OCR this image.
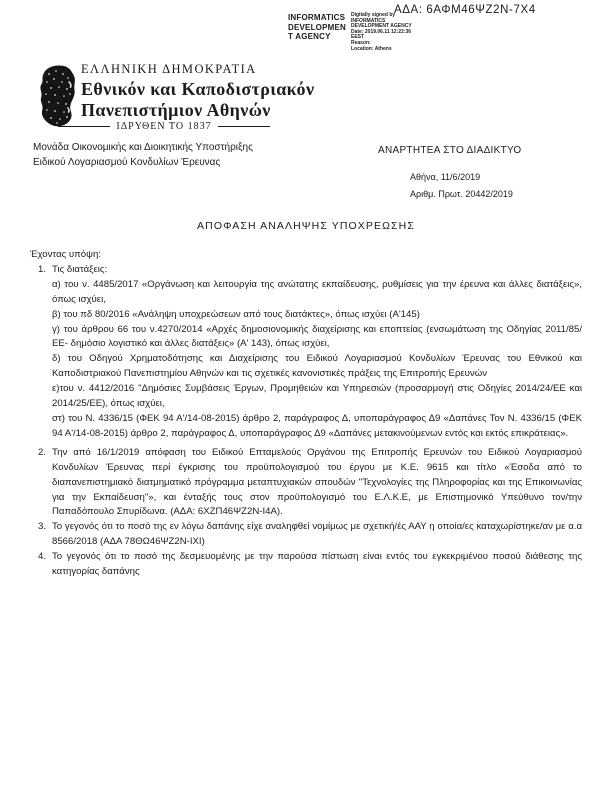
ΑΔΑ: 6ΑΦΜ46ΨΖ2Ν-7Χ4
INFORMATICS
DEVELOPMEN
T AGENCY
Digitally signed by
INFORMATICS
DEVELOPMENT AGENCY
Date: 2019.06.11 12:22:36
EEST
Reason:
Location: Athens
ΕΛΛΗΝΙΚΗ ΔΗΜΟΚΡΑΤΙΑ
Εθνικόν και Καποδιστριακόν
Πανεπιστήμιον Αθηνών
ΙΔΡΥΘΕΝ ΤΟ 1837
Μονάδα Οικονομικής και Διοικητικής Υποστήριξης
Ειδικού Λογαριασμού Κονδυλίων Έρευνας
ΑΝΑΡΤΗΤΕΑ ΣΤΟ ΔΙΑΔΙΚΤΥΟ
Αθήνα, 11/6/2019
Αριθμ. Πρωτ. 20442/2019
ΑΠΟΦΑΣΗ ΑΝΑΛΗΨΗΣ ΥΠΟΧΡΕΩΣΗΣ

Έχοντας υπόψη:

1. Τις διατάξεις:

α) του ν. 4485/2017 «Οργάνωση και λειτουργία της ανώτατης εκπαίδευσης, ρυθμίσεις για την έρευνα και άλλες διατάξεις», όπως ισχύει,

β) του πδ 80/2016 «Ανάληψη υποχρεώσεων από τους διατάκτες», όπως ισχύει (Α'145)

γ) του άρθρου 66 του ν.4270/2014 «Αρχές δημοσιονομικής διαχείρισης και εποπτείας (ενσωμάτωση της Οδηγίας 2011/85/ΕΕ- δημόσιο λογιστικό και άλλες διατάξεις» (Α' 143), όπως ισχύει,

δ) του Οδηγού Χρηματοδότησης και Διαχείρισης του Ειδικού Λογαριασμού Κονδυλίων Έρευνας του Εθνικού και Καποδιστριακού Πανεπιστημίου Αθηνών και τις σχετικές κανονιστικές πράξεις της Επιτροπής Ερευνών

ε)του ν. 4412/2016 "Δημόσιες Συμβάσεις Έργων, Προμηθειών και Υπηρεσιών (προσαρμογή στις Οδηγίες 2014/24/ΕΕ και 2014/25/ΕΕ), όπως ισχύει,

στ) του Ν. 4336/15 (ΦΕΚ 94 Α'/14-08-2015) άρθρο 2, παράγραφος Δ, υποπαράγραφος Δ9 «Δαπάνες Τον Ν. 4336/15 (ΦΕΚ 94 Α'/14-08-2015) άρθρο 2, παράγραφος Δ, υποπαράγραφος Δ9 «Δαπάνες μετακινούμενων εντός και εκτός επικράτειας».

2. Την από 16/1/2019 απόφαση του Ειδικού Επταμελούς Οργάνου της Επιτροπής Ερευνών του Ειδικού Λογαριασμού Κονδυλίων Έρευνας περί έγκρισης του προϋπολογισμού του έργου με Κ.Ε. 9615 και τίτλο «Έσοδα από το διαπανεπιστημιακό διατμηματικό πρόγραμμα μεταπτυχιακών σπουδών "Τεχνολογίες της Πληροφορίας και της Επικοινωνίας για την Εκπαίδευση"», και ένταξής τους στον προϋπολογισμό του Ε.Λ.Κ.Ε, με Επιστημονικό Υπεύθυνο τον/την Παπαδόπουλο Σπυρίδωνα. (ΑΔΑ: 6ΧΖΠ46ΨΖ2Ν-Ι4Α).

3. Το γεγονός ότι το ποσό της εν λόγω δαπάνης είχε αναληφθεί νομίμως με σχετική/ές ΑΑΥ η οποία/ες καταχωρίστηκε/αν με α.α 8566/2018 (ΑΔΑ 78ΘΩ46ΨΖ2Ν-ΙΧΙ)

4. Το γεγονός ότι το ποσό της δεσμευομένης με την παρούσα πίστωση είναι εντός του εγκεκριμένου ποσού διάθεσης της κατηγορίας δαπάνης
